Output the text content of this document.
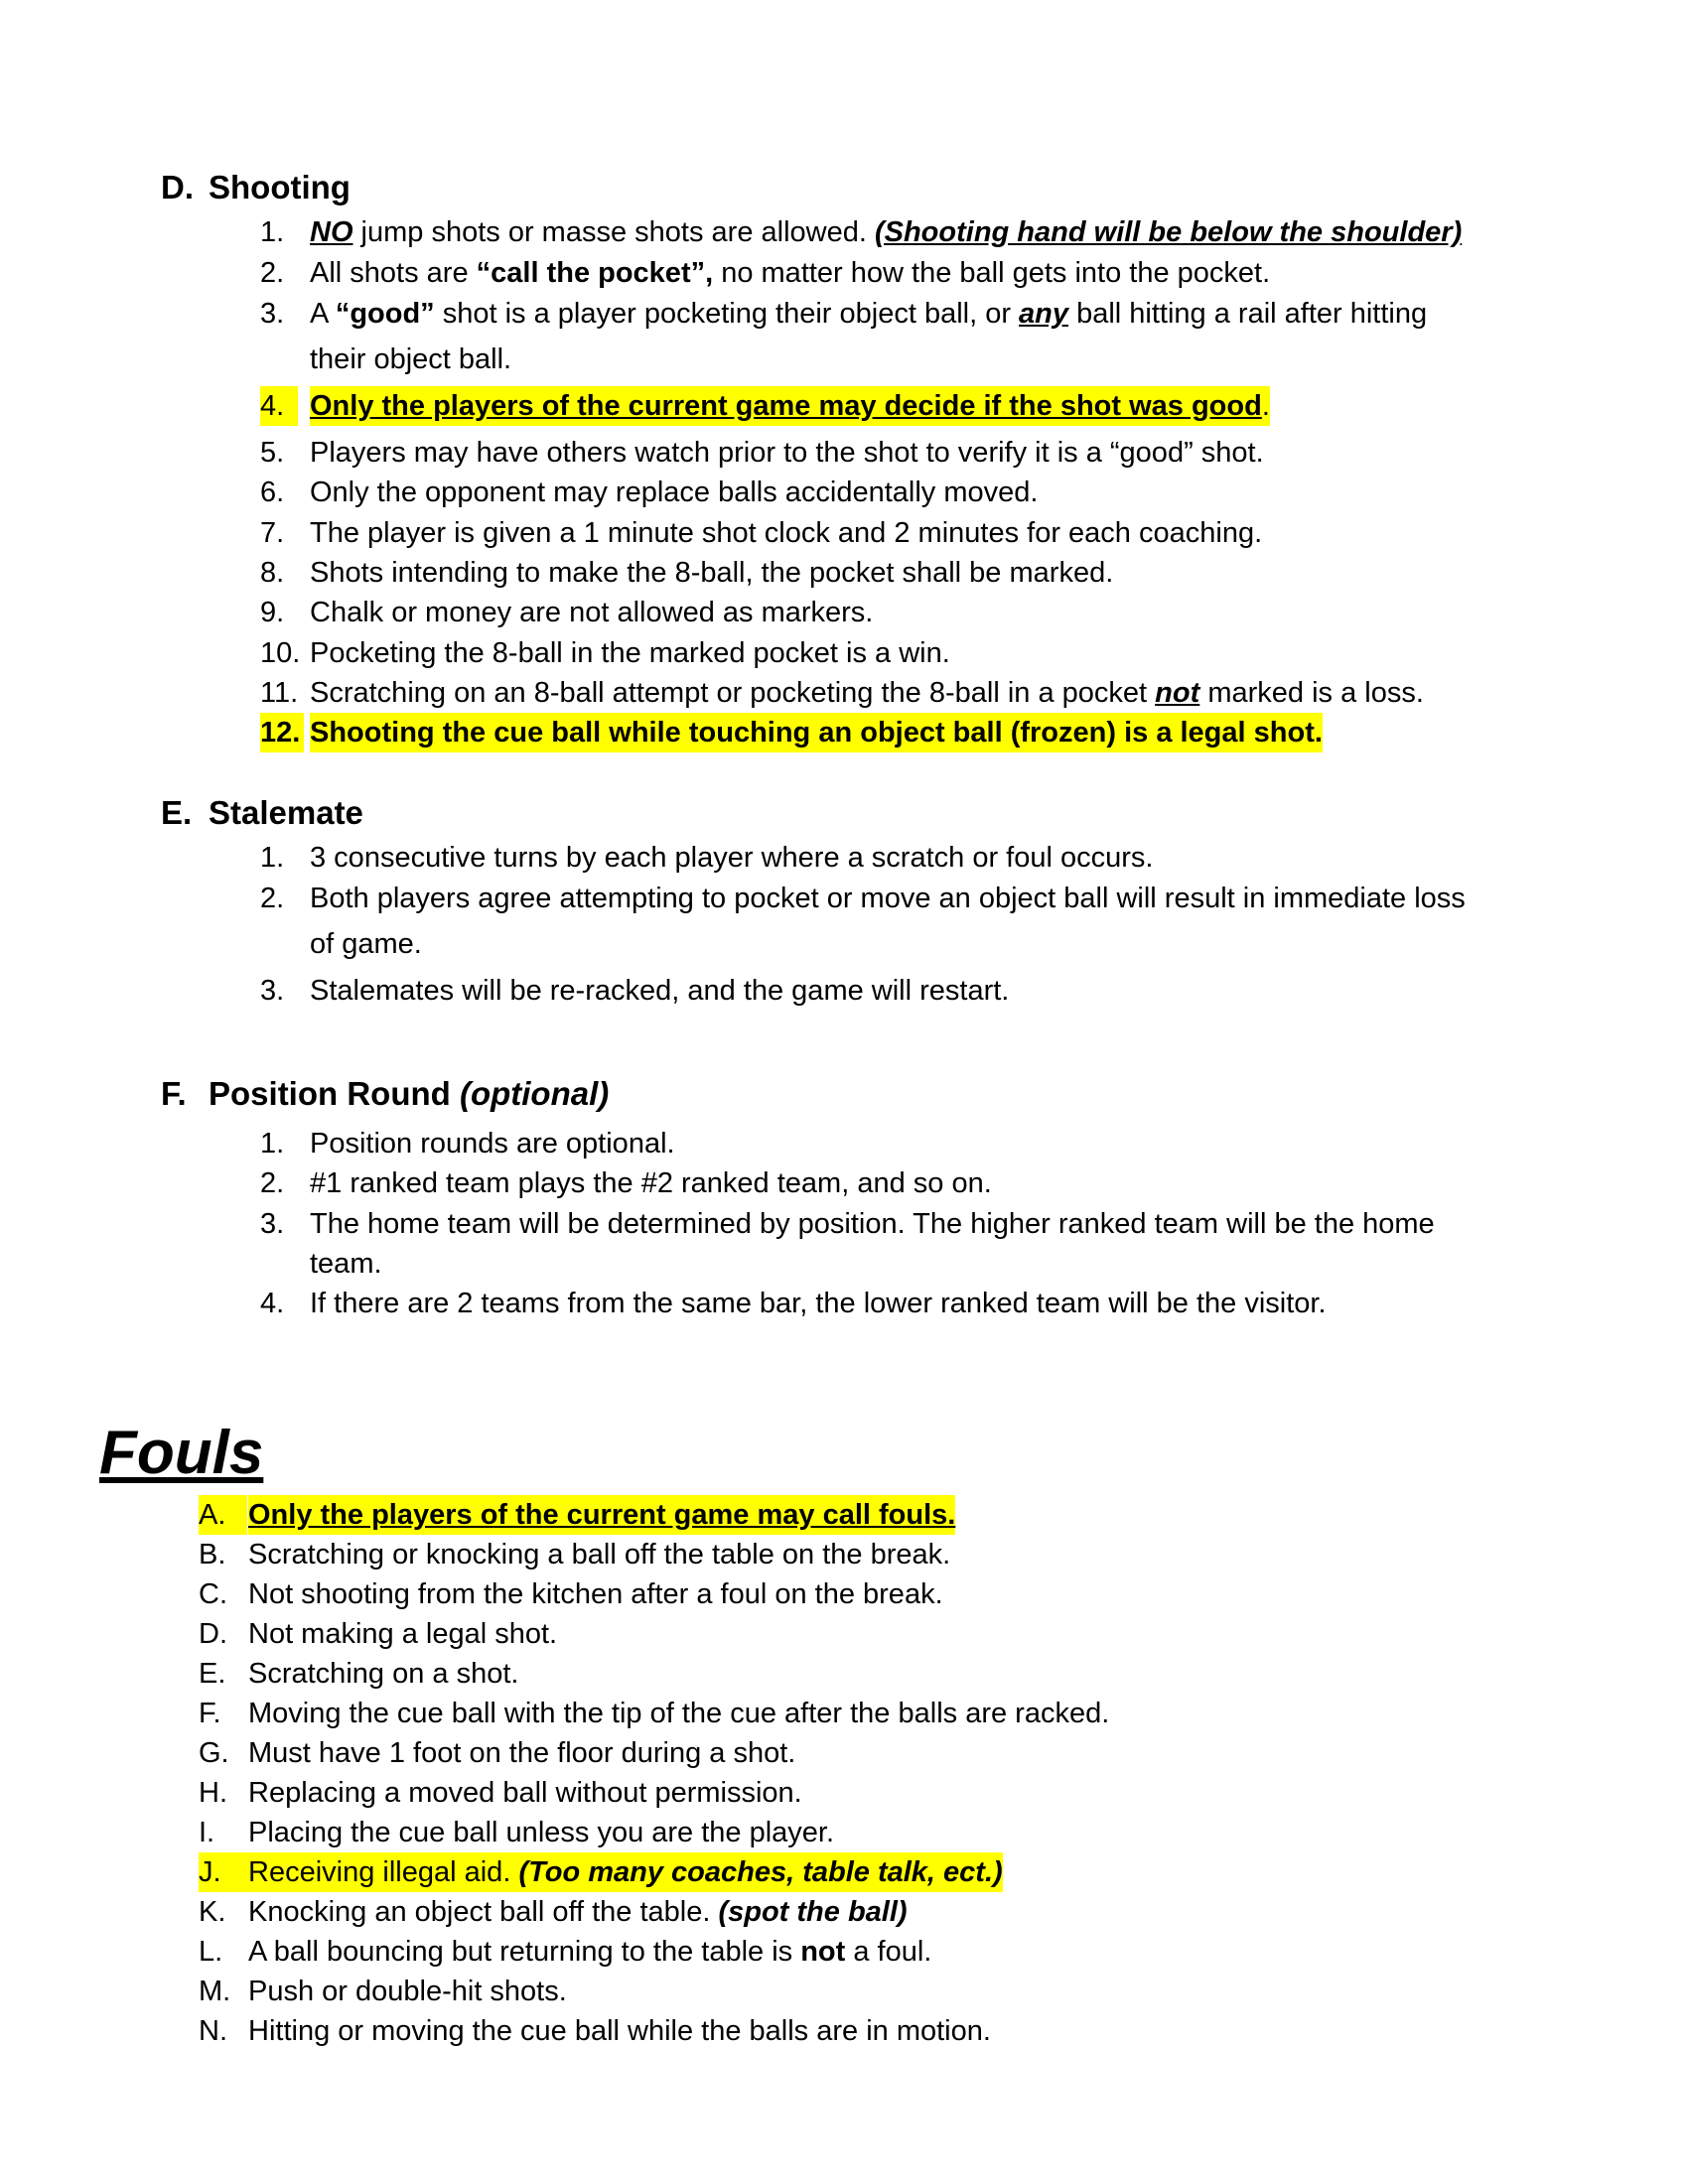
D. Shooting
1. NO jump shots or masse shots are allowed. (Shooting hand will be below the shoulder)
2. All shots are “call the pocket”, no matter how the ball gets into the pocket.
3. A “good” shot is a player pocketing their object ball, or any ball hitting a rail after hitting
their object ball.
4. Only the players of the current game may decide if the shot was good.
5. Players may have others watch prior to the shot to verify it is a “good” shot.
6. Only the opponent may replace balls accidentally moved.
7. The player is given a 1 minute shot clock and 2 minutes for each coaching.
8. Shots intending to make the 8-ball, the pocket shall be marked.
9. Chalk or money are not allowed as markers.
10. Pocketing the 8-ball in the marked pocket is a win.
11. Scratching on an 8-ball attempt or pocketing the 8-ball in a pocket not marked is a loss.
12. Shooting the cue ball while touching an object ball (frozen) is a legal shot.
E. Stalemate
1. 3 consecutive turns by each player where a scratch or foul occurs.
2. Both players agree attempting to pocket or move an object ball will result in immediate loss
of game.
3. Stalemates will be re-racked, and the game will restart.
F. Position Round (optional)
1. Position rounds are optional.
2. #1 ranked team plays the #2 ranked team, and so on.
3. The home team will be determined by position. The higher ranked team will be the home
team.
4. If there are 2 teams from the same bar, the lower ranked team will be the visitor.
Fouls
A. Only the players of the current game may call fouls.
B. Scratching or knocking a ball off the table on the break.
C. Not shooting from the kitchen after a foul on the break.
D. Not making a legal shot.
E. Scratching on a shot.
F. Moving the cue ball with the tip of the cue after the balls are racked.
G. Must have 1 foot on the floor during a shot.
H. Replacing a moved ball without permission.
I. Placing the cue ball unless you are the player.
J. Receiving illegal aid. (Too many coaches, table talk, ect.)
K. Knocking an object ball off the table. (spot the ball)
L. A ball bouncing but returning to the table is not a foul.
M. Push or double-hit shots.
N. Hitting or moving the cue ball while the balls are in motion.
